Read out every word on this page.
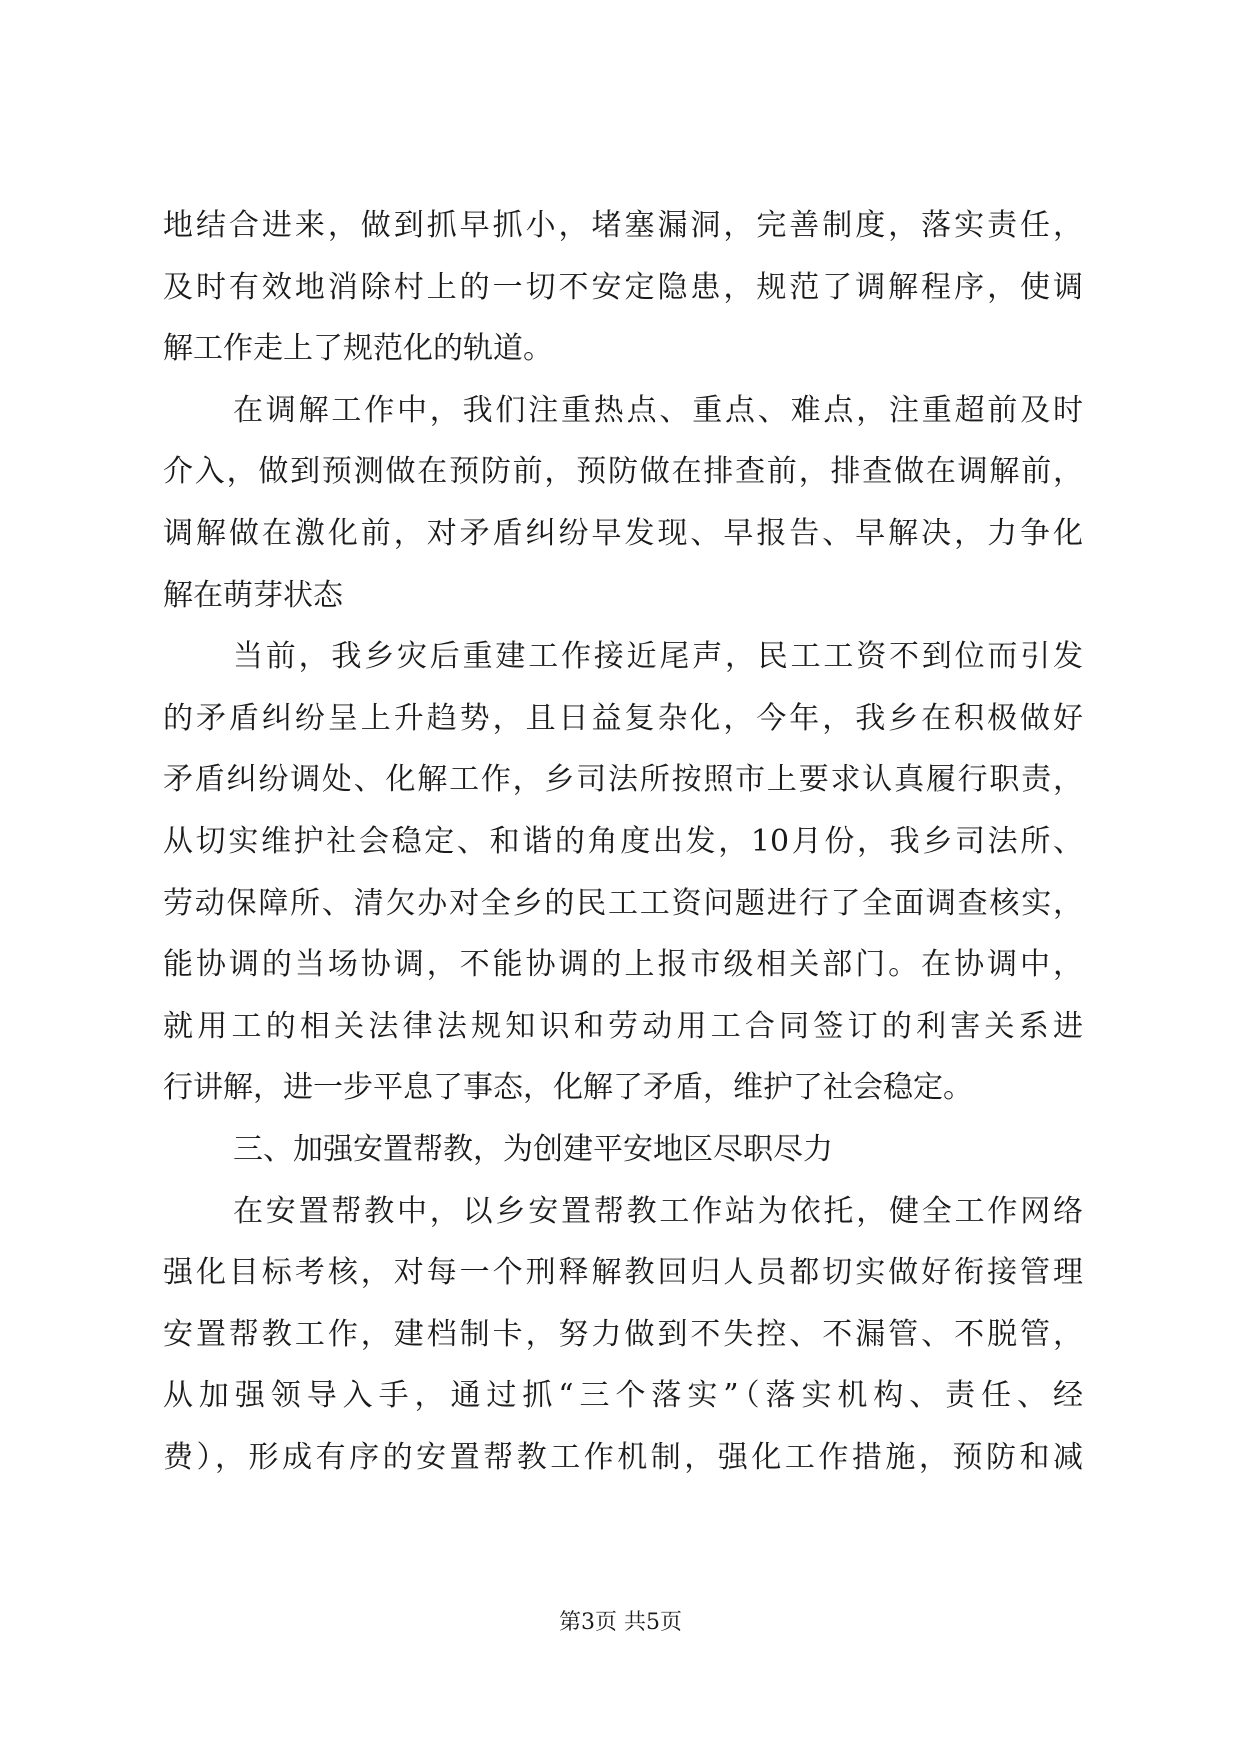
地结合进来，做到抓早抓小，堵塞漏洞，完善制度，落实责任，
及时有效地消除村上的一切不安定隐患，规范了调解程序，使调
解工作走上了规范化的轨道。
在调解工作中，我们注重热点、重点、难点，注重超前及时
介入，做到预测做在预防前，预防做在排查前，排查做在调解前，
调解做在激化前，对矛盾纠纷早发现、早报告、早解决，力争化
解在萌芽状态
当前，我乡灾后重建工作接近尾声，民工工资不到位而引发
的矛盾纠纷呈上升趋势，且日益复杂化，今年，我乡在积极做好
矛盾纠纷调处、化解工作，乡司法所按照市上要求认真履行职责，
从切实维护社会稳定、和谐的角度出发，10月份，我乡司法所、
劳动保障所、清欠办对全乡的民工工资问题进行了全面调查核实，
能协调的当场协调，不能协调的上报市级相关部门。在协调中，
就用工的相关法律法规知识和劳动用工合同签订的利害关系进
行讲解，进一步平息了事态，化解了矛盾，维护了社会稳定。
三、加强安置帮教，为创建平安地区尽职尽力
在安置帮教中，以乡安置帮教工作站为依托，健全工作网络
强化目标考核，对每一个刑释解教回归人员都切实做好衔接管理
安置帮教工作，建档制卡，努力做到不失控、不漏管、不脱管，
从加强领导入手，通过抓“三个落实”（落实机构、责任、经
费），形成有序的安置帮教工作机制，强化工作措施，预防和减
第3页 共5页
